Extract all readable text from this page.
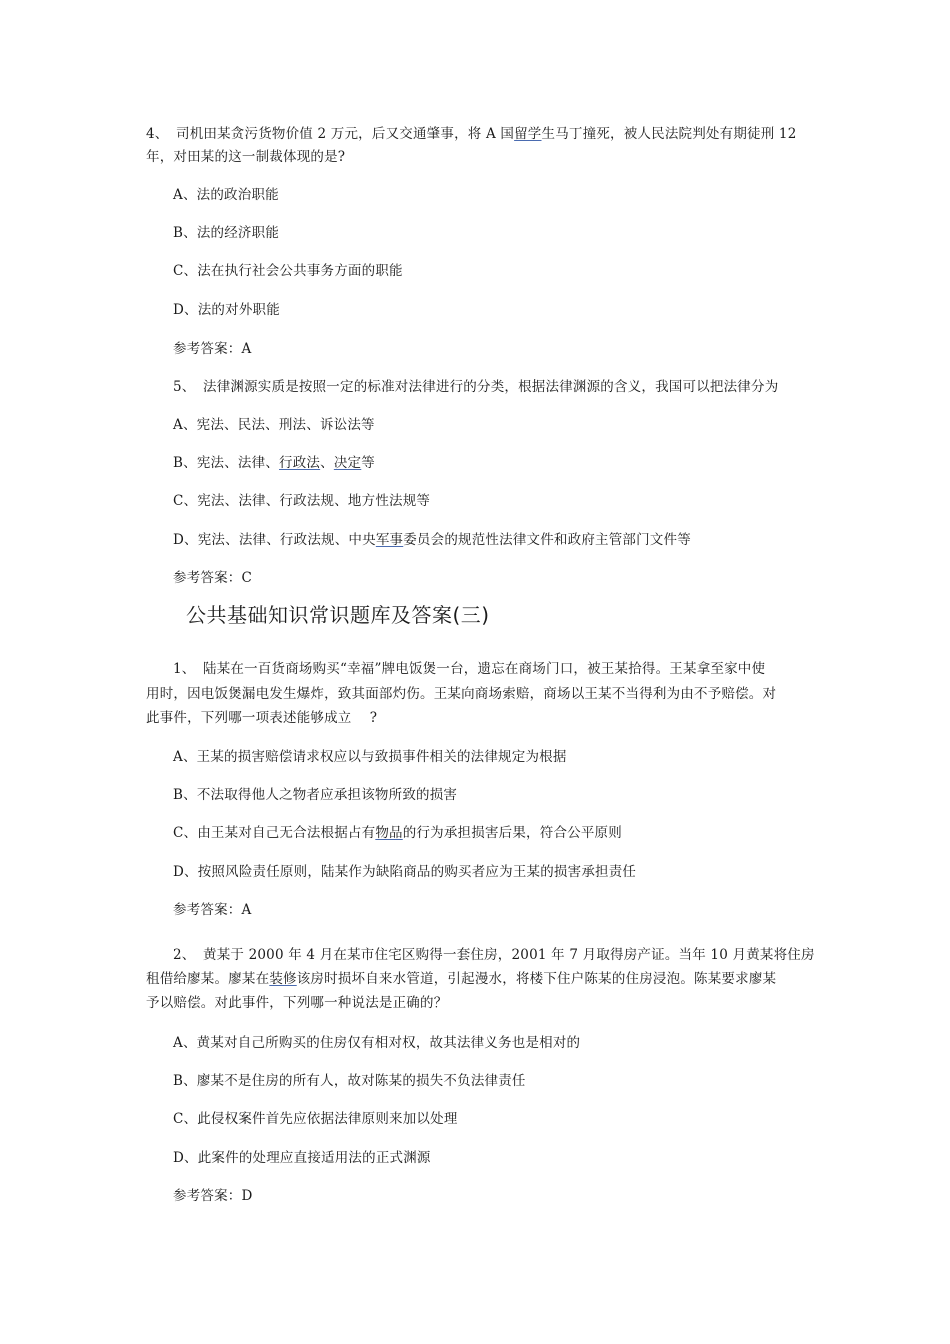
4、 司机田某贪污货物价值 2 万元，后又交通肇事，将 A 国留学生马丁撞死，被人民法院判处有期徒刑 12
年，对田某的这一制裁体现的是?
A、法的政治职能
B、法的经济职能
C、法在执行社会公共事务方面的职能
D、法的对外职能
参考答案：A
5、 法律渊源实质是按照一定的标准对法律进行的分类，根据法律渊源的含义，我国可以把法律分为
A、宪法、民法、刑法、诉讼法等
B、宪法、法律、行政法、决定等
C、宪法、法律、行政法规、地方性法规等
D、宪法、法律、行政法规、中央军事委员会的规范性法律文件和政府主管部门文件等
参考答案：C
公共基础知识常识题库及答案(三)
1、 陆某在一百货商场购买“幸福”牌电饭煲一台，遗忘在商场门口，被王某拾得。王某拿至家中使
用时，因电饭煲漏电发生爆炸，致其面部灼伤。王某向商场索赔，商场以王某不当得利为由不予赔偿。对
此事件，下列哪一项表述能够成立　 ?
A、王某的损害赔偿请求权应以与致损事件相关的法律规定为根据
B、不法取得他人之物者应承担该物所致的损害
C、由王某对自己无合法根据占有物品的行为承担损害后果，符合公平原则
D、按照风险责任原则，陆某作为缺陷商品的购买者应为王某的损害承担责任
参考答案：A
2、 黄某于 2000 年 4 月在某市住宅区购得一套住房，2001 年 7 月取得房产证。当年 10 月黄某将住房
租借给廖某。廖某在装修该房时损坏自来水管道，引起漫水，将楼下住户陈某的住房浸泡。陈某要求廖某
予以赔偿。对此事件，下列哪一种说法是正确的？
A、黄某对自己所购买的住房仅有相对权，故其法律义务也是相对的
B、廖某不是住房的所有人，故对陈某的损失不负法律责任
C、此侵权案件首先应依据法律原则来加以处理
D、此案件的处理应直接适用法的正式渊源
参考答案：D
